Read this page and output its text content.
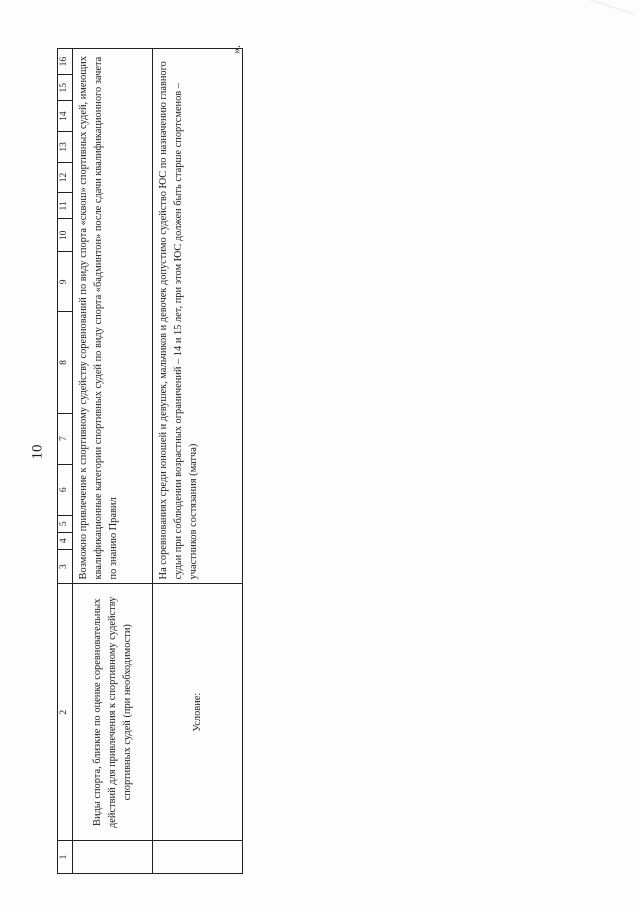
10
».
1	2	3	4	5	6	7	8	9	10	11	12	13	14	15	16
	Виды спорта, близкие по оценке соревновательных действий для привлечения к спортивному судейству спортивных судей (при необходимости)	Возможно привлечение к спортивному судейству соревнований по виду спорта «сквош» спортивных судей, имеющих квалификационные категории спортивных судей по виду спорта «бадминтон» после сдачи квалификационного зачета по знанию Правил													
	Условие:	На соревнованиях среди юношей и девушек, мальчиков и девочек допустимо судейство ЮС по назначению главного судьи при соблюдении возрастных ограничений – 14 и 15 лет, при этом ЮС должен быть старше спортсменов – участников состязания (матча)													
